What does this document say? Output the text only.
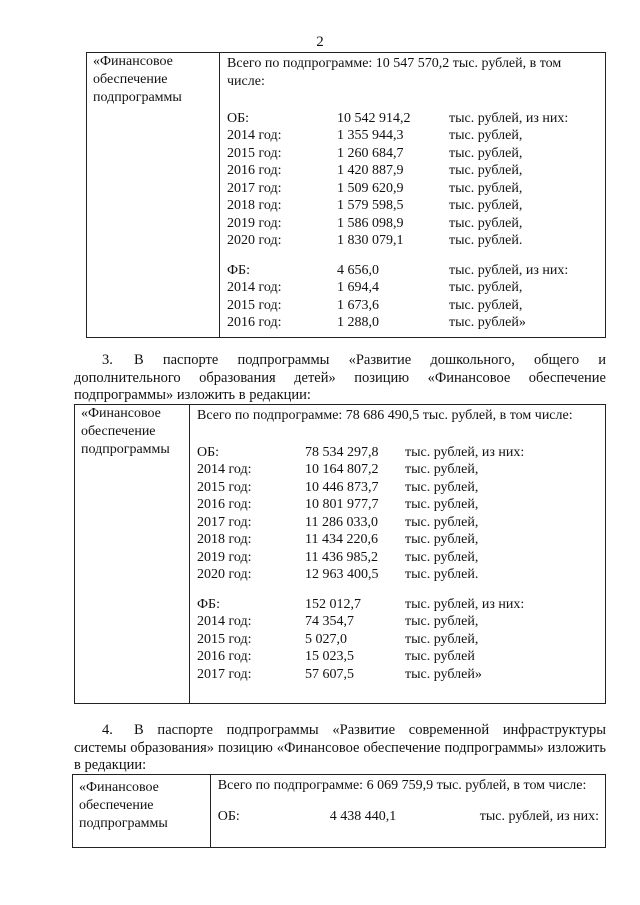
2
«Финансовое
обеспечение
подпрограммы

Всего по подпрограмме: 10 547 570,2 тыс. рублей, в том числе:
ОБ:	10 542 914,2	тыс. рублей, из них:
2014 год:	1 355 944,3	тыс. рублей,
2015 год:	1 260 684,7	тыс. рублей,
2016 год:	1 420 887,9	тыс. рублей,
2017 год:	1 509 620,9	тыс. рублей,
2018 год:	1 579 598,5	тыс. рублей,
2019 год:	1 586 098,9	тыс. рублей,
2020 год:	1 830 079,1	тыс. рублей.
ФБ:	4 656,0	тыс. рублей, из них:
2014 год:	1 694,4	тыс. рублей,
2015 год:	1 673,6	тыс. рублей,
2016 год:	1 288,0	тыс. рублей»

3. В паспорте подпрограммы «Развитие дошкольного, общего и дополнительного образования детей» позицию «Финансовое обеспечение подпрограммы» изложить в редакции:

«Финансовое
обеспечение
подпрограммы

Всего по подпрограмме: 78 686 490,5 тыс. рублей, в том числе:
ОБ:	78 534 297,8	тыс. рублей, из них:
2014 год:	10 164 807,2	тыс. рублей,
2015 год:	10 446 873,7	тыс. рублей,
2016 год:	10 801 977,7	тыс. рублей,
2017 год:	11 286 033,0	тыс. рублей,
2018 год:	11 434 220,6	тыс. рублей,
2019 год:	11 436 985,2	тыс. рублей,
2020 год:	12 963 400,5	тыс. рублей.
ФБ:	152 012,7	тыс. рублей, из них:
2014 год:	74 354,7	тыс. рублей,
2015 год:	5 027,0	тыс. рублей,
2016 год:	15 023,5	тыс. рублей
2017 год:	57 607,5	тыс. рублей»

4. В паспорте подпрограммы «Развитие современной инфраструктуры системы образования» позицию «Финансовое обеспечение подпрограммы» изложить в редакции:

«Финансовое
обеспечение
подпрограммы

Всего по подпрограмме: 6 069 759,9 тыс. рублей, в том числе:
ОБ:	4 438 440,1	тыс. рублей, из них:
